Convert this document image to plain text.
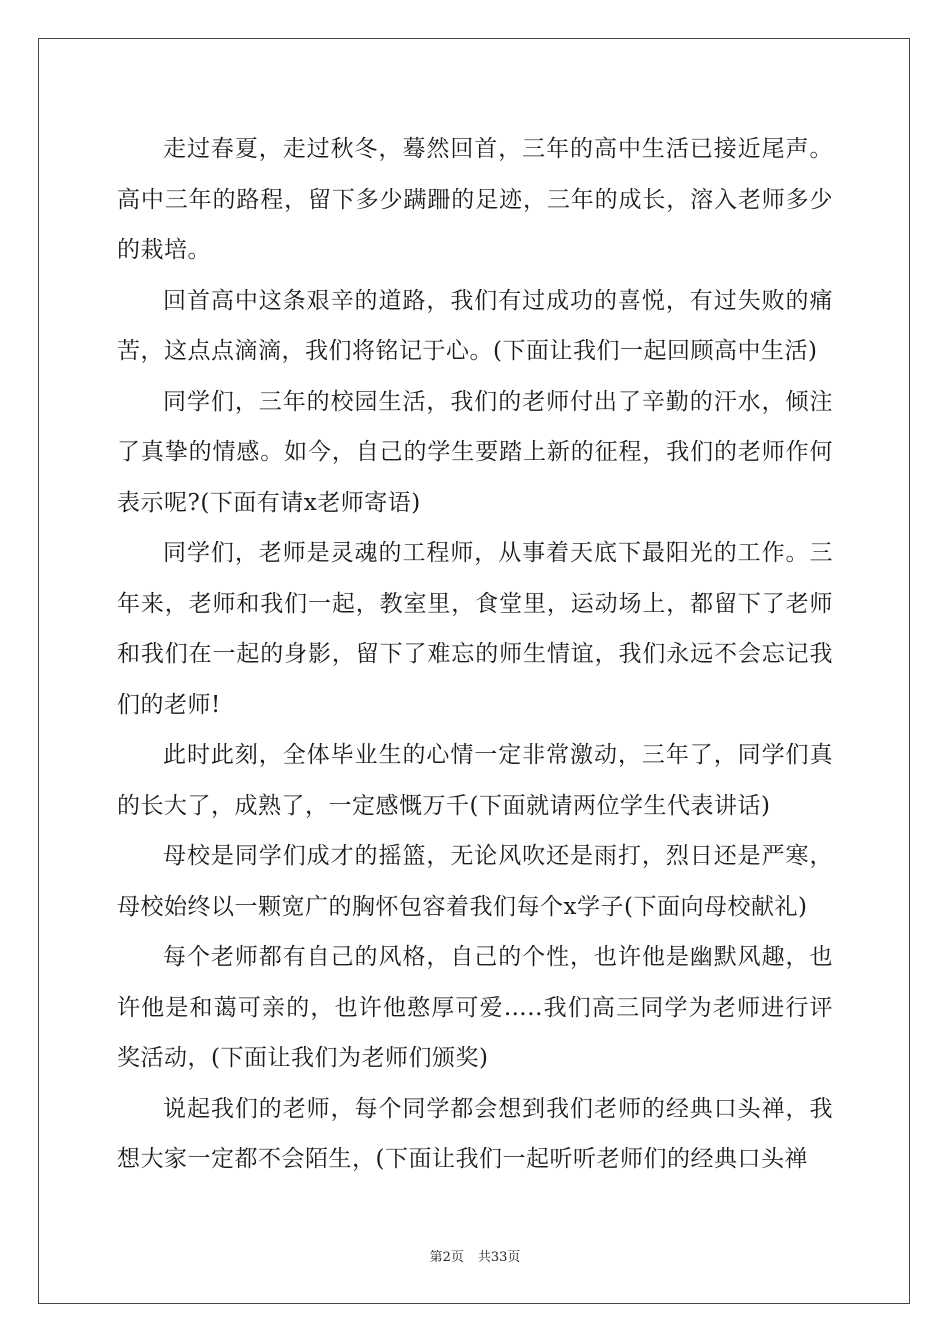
走过春夏，走过秋冬，蓦然回首，三年的高中生活已接近尾声。高中三年的路程，留下多少蹒跚的足迹，三年的成长，溶入老师多少的栽培。

回首高中这条艰辛的道路，我们有过成功的喜悦，有过失败的痛苦，这点点滴滴，我们将铭记于心。(下面让我们一起回顾高中生活)

同学们，三年的校园生活，我们的老师付出了辛勤的汗水，倾注了真挚的情感。如今，自己的学生要踏上新的征程，我们的老师作何表示呢?(下面有请x老师寄语)

同学们，老师是灵魂的工程师，从事着天底下最阳光的工作。三年来，老师和我们一起，教室里，食堂里，运动场上，都留下了老师和我们在一起的身影，留下了难忘的师生情谊，我们永远不会忘记我们的老师!

此时此刻，全体毕业生的心情一定非常激动，三年了，同学们真的长大了，成熟了，一定感慨万千(下面就请两位学生代表讲话)

母校是同学们成才的摇篮，无论风吹还是雨打，烈日还是严寒，母校始终以一颗宽广的胸怀包容着我们每个x学子(下面向母校献礼)

每个老师都有自己的风格，自己的个性，也许他是幽默风趣，也许他是和蔼可亲的，也许他憨厚可爱…..我们高三同学为老师进行评奖活动，(下面让我们为老师们颁奖)

说起我们的老师，每个同学都会想到我们老师的经典口头禅，我想大家一定都不会陌生，(下面让我们一起听听老师们的经典口头禅

第2页 共33页
